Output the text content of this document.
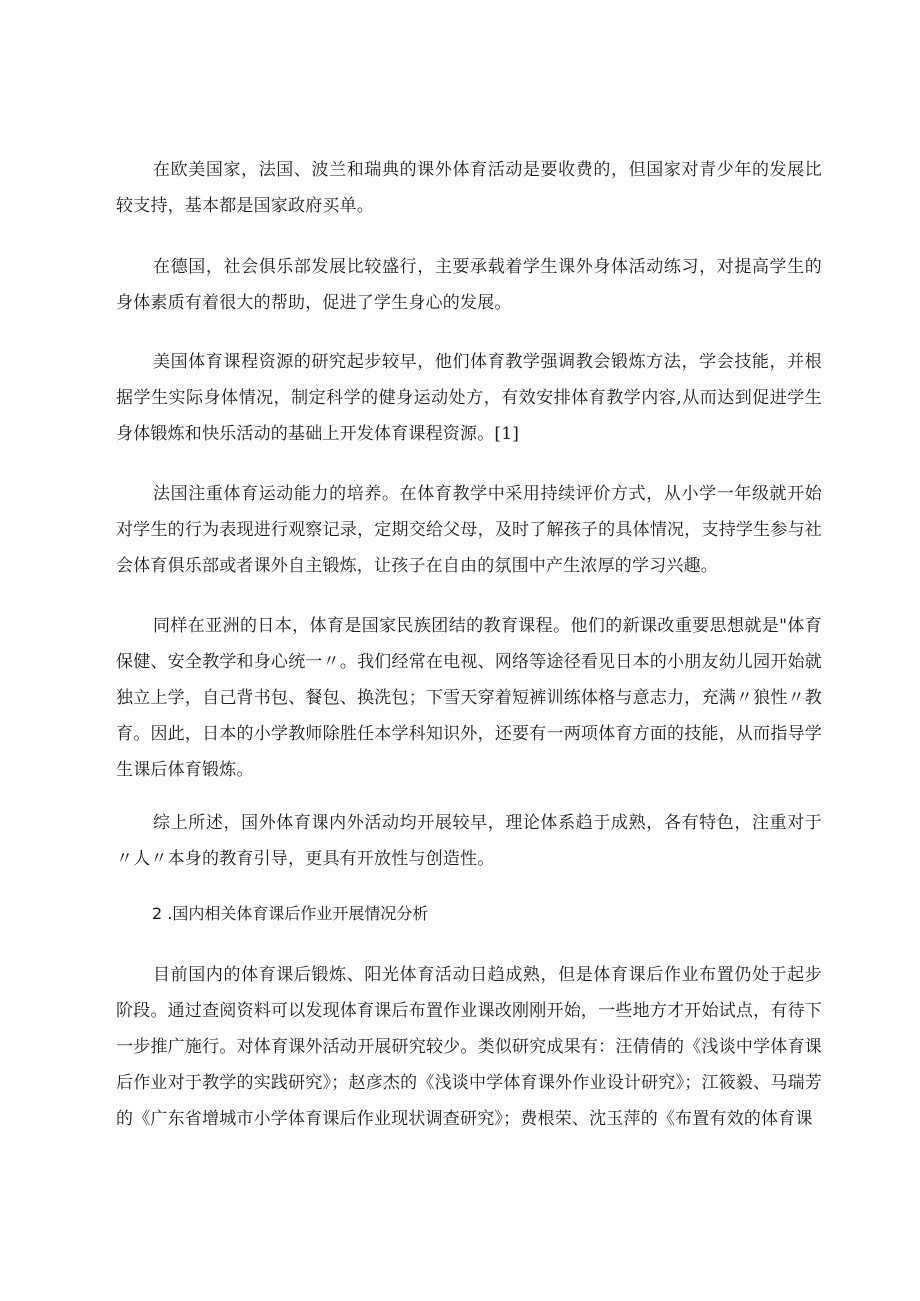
在欧美国家，法国、波兰和瑞典的课外体育活动是要收费的，但国家对青少年的发展比较支持，基本都是国家政府买单。

在德国，社会俱乐部发展比较盛行，主要承载着学生课外身体活动练习，对提高学生的身体素质有着很大的帮助，促进了学生身心的发展。

美国体育课程资源的研究起步较早，他们体育教学强调教会锻炼方法，学会技能，并根据学生实际身体情况，制定科学的健身运动处方，有效安排体育教学内容,从而达到促进学生身体锻炼和快乐活动的基础上开发体育课程资源。[1]

法国注重体育运动能力的培养。在体育教学中采用持续评价方式，从小学一年级就开始对学生的行为表现进行观察记录，定期交给父母，及时了解孩子的具体情况，支持学生参与社会体育俱乐部或者课外自主锻炼，让孩子在自由的氛围中产生浓厚的学习兴趣。

同样在亚洲的日本，体育是国家民族团结的教育课程。他们的新课改重要思想就是"体育保健、安全教学和身心统一〃。我们经常在电视、网络等途径看见日本的小朋友幼儿园开始就独立上学，自己背书包、餐包、换洗包；下雪天穿着短裤训练体格与意志力，充满〃狼性〃教育。因此，日本的小学教师除胜任本学科知识外，还要有一两项体育方面的技能，从而指导学生课后体育锻炼。

综上所述，国外体育课内外活动均开展较早，理论体系趋于成熟，各有特色，注重对于〃人〃本身的教育引导，更具有开放性与创造性。

2 .国内相关体育课后作业开展情况分析

目前国内的体育课后锻炼、阳光体育活动日趋成熟，但是体育课后作业布置仍处于起步阶段。通过查阅资料可以发现体育课后布置作业课改刚刚开始，一些地方才开始试点，有待下一步推广施行。对体育课外活动开展研究较少。类似研究成果有：汪倩倩的《浅谈中学体育课后作业对于教学的实践研究》；赵彦杰的《浅谈中学体育课外作业设计研究》；江筱毅、马瑞芳的《广东省增城市小学体育课后作业现状调查研究》；费根荣、沈玉萍的《布置有效的体育课
